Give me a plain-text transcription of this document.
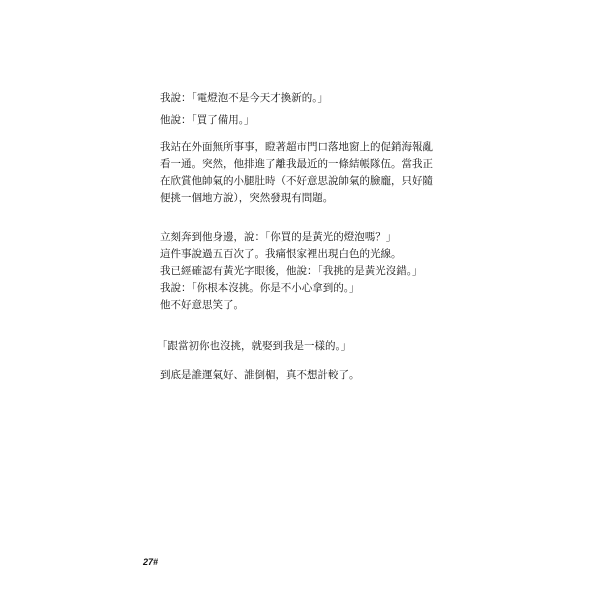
我說：「電燈泡不是今天才換新的。」

他說：「買了備用。」

我站在外面無所事事，瞪著超市門口落地窗上的促銷海報亂
看一通。突然，他排進了離我最近的一條結帳隊伍。當我正
在欣賞他帥氣的小腿肚時（不好意思說帥氣的臉龐，只好隨
便挑一個地方說），突然發現有問題。

立刻奔到他身邊，說：「你買的是黃光的燈泡嗎？」
這件事說過五百次了。我痛恨家裡出現白色的光線。
我已經確認有黃光字眼後，他說：「我挑的是黃光沒錯。」
我說：「你根本沒挑。你是不小心拿到的。」
他不好意思笑了。

「跟當初你也沒挑，就娶到我是一樣的。」

到底是誰運氣好、誰倒楣，真不想計較了。

27#
